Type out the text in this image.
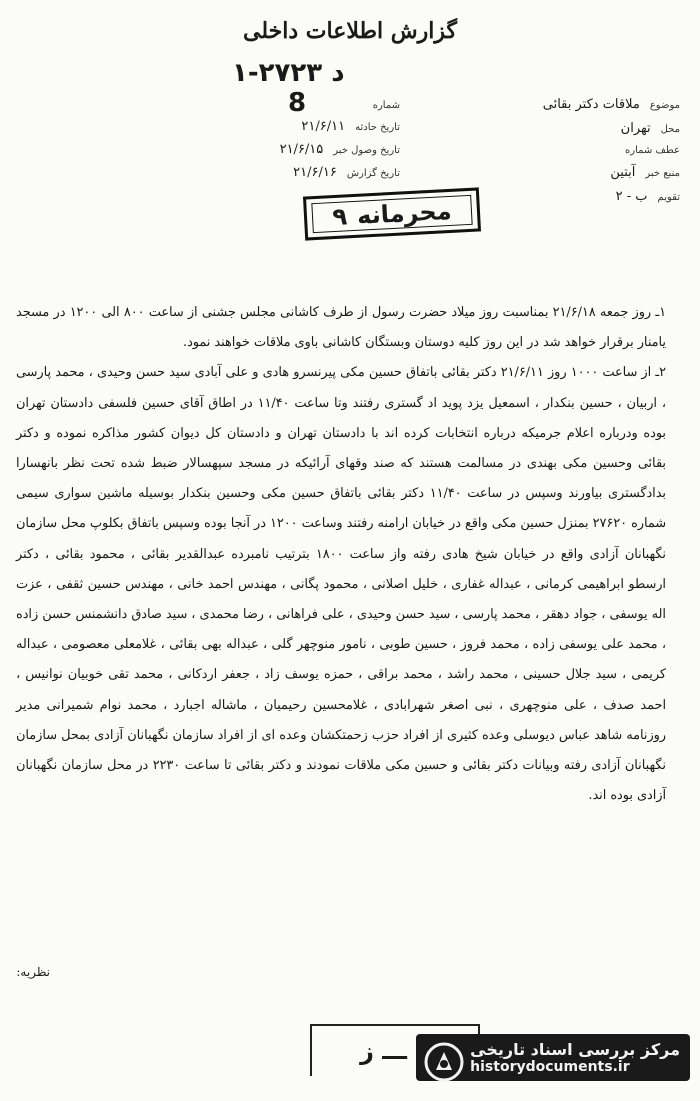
گزارش اطلاعات داخلی
۱-د ۲۷۲۳
8	شماره
تاریخ حادثه
۲۱/۶/۱۱
تاریخ وصول خبر
۲۱/۶/۱۵
تاریخ گزارش
۲۱/۶/۱۶
موضوع
ملاقات دکتر بقائی
محل
تهران
عطف شماره
منبع خبر
آبتین
تقویم
ب - ۲
محرمانه
۹

۱ـ روز جمعه ۲۱/۶/۱۸ بمناسبت روز میلاد حضرت رسول از طرف کاشانی مجلس جشنی از ساعت ۸۰۰ الی ۱۲۰۰ در مسجد یامنار برقرار خواهد شد در این روز کلیه دوستان وبستگان کاشانی باوی ملاقات خواهند نمود.

۲ـ از ساعت ۱۰۰۰ روز ۲۱/۶/۱۱ دکتر بقائی باتفاق حسین مکی پیرنسرو هادی و علی آبادی سید حسن وحیدی ، محمد پارسی ، اربیان ، حسین بنکدار ، اسمعیل یزد پوید اد گستری رفتند وتا ساعت ۱۱/۴۰ در اطاق آقای حسین فلسفی دادستان تهران بوده ودرباره اعلام جرمیکه درباره انتخابات کرده اند با دادستان تهران و دادستان کل دیوان کشور مذاکره نموده و دکتر بقائی وحسین مکی بهندی در مسالمت هستند که صند وقهای آرائیکه در مسجد سپهسالار ضبط شده تحت نظر بانهسارا بدادگستری بیاورند وسپس در ساعت ۱۱/۴۰ دکتر بقائی باتفاق حسین مکی وحسین بنکدار بوسیله ماشین سواری سیمی شماره ۲۷۶۲۰ بمنزل حسین مکی واقع در خیابان ارامنه رفتند وساعت ۱۲۰۰ در آنجا بوده وسپس باتفاق بکلوپ محل سازمان نگهبانان آزادی واقع در خیابان شیخ هادی رفته واز ساعت ۱۸۰۰ بترتیب نامبرده عبدالقدیر بقائی ، محمود بقائی ، دکتر ارسطو ابراهیمی کرمانی ، عبداله غفاری ، خلیل اصلانی ، محمود پگانی ، مهندس احمد خانی ، مهندس حسین ثقفی ، عزت اله یوسفی ، جواد دهقر ، محمد پارسی ، سید حسن وحیدی ، علی فراهانی ، رضا محمدی ، سید صادق دانشمنس حسن زاده ، محمد علی یوسفی زاده ، محمد فروز ، حسین طوبی ، نامور منوچهر گلی ، عبداله بهی بقائی ، غلامعلی معصومی ، عبداله کریمی ، سید جلال حسینی ، محمد راشد ، محمد براقی ، حمزه یوسف زاد ، جعفر اردکانی ، محمد تقی خوبیان نوانیس ، احمد صدف ، علی منوچهری ، نبی اصغر شهرابادی ، غلامحسین رحیمیان ، ماشاله اجبارد ، محمد نوام شمیرانی مدیر روزنامه شاهد عباس دیوسلی وعده کثیری از افراد حزب زحمتکشان وعده ای از افراد سازمان نگهبانان آزادی بمحل سازمان نگهبانان آزادی رفته وبیانات دکتر بقائی و حسین مکی ملاقات نمودند و دکتر بقائی تا ساعت ۲۲۳۰ در محل سازمان نگهبانان آزادی بوده اند.

نظریه:
ـــ ز	مرکز بررسی اسناد تاریخی
historydocuments.ir
